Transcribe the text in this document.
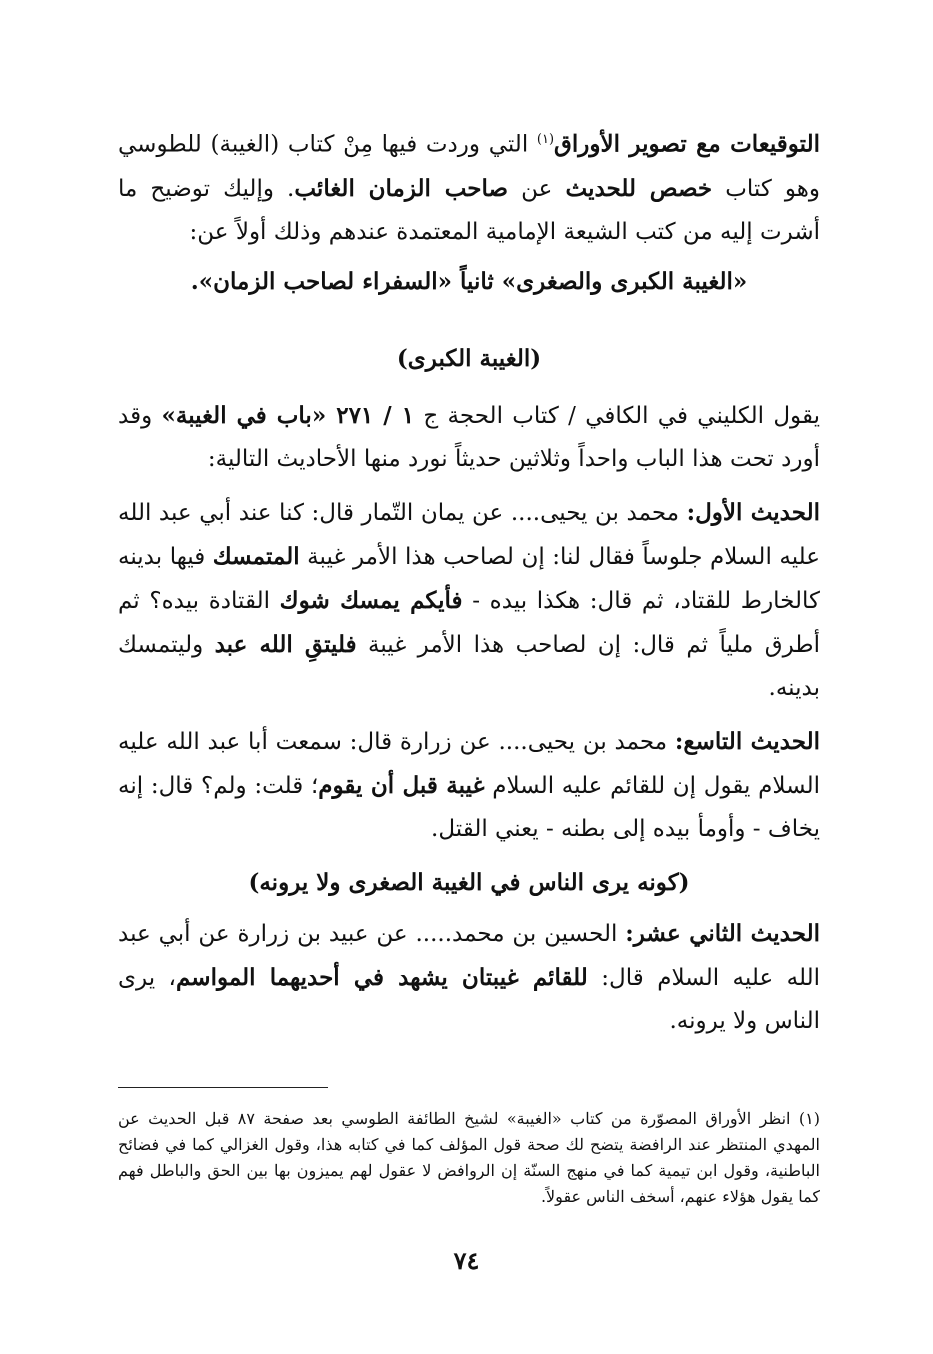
التوقيعات مع تصوير الأوراق$^{(١)}$ التي وردت فيها مِنْ كتاب (الغيبة) للطوسي وهو كتاب خصص للحديث عن صاحب الزمان الغائب. وإليك توضيح ما أشرت إليه من كتب الشيعة الإمامية المعتمدة عندهم وذلك أولاً عن:

«الغيبة الكبرى والصغرى» ثانياً «السفراء لصاحب الزمان».

(الغيبة الكبرى)

يقول الكليني في الكافي / كتاب الحجة ج ١ / ٢٧١ «باب في الغيبة» وقد أورد تحت هذا الباب واحداً وثلاثين حديثاً نورد منها الأحاديث التالية:

الحديث الأول: محمد بن يحيى.... عن يمان التّمار قال: كنا عند أبي عبد الله عليه السلام جلوساً فقال لنا: إن لصاحب هذا الأمر غيبة المتمسك فيها بدينه كالخارط للقتاد، ثم قال: هكذا بيده - فأيكم يمسك شوك القتادة بيده؟ ثم أطرق ملياً ثم قال: إن لصاحب هذا الأمر غيبة فليتقِ الله عبد وليتمسك بدينه.

الحديث التاسع: محمد بن يحيى.... عن زرارة قال: سمعت أبا عبد الله عليه السلام يقول إن للقائم عليه السلام غيبة قبل أن يقوم؛ قلت: ولم؟ قال: إنه يخاف - وأومأ بيده إلى بطنه - يعني القتل.

(كونه يرى الناس في الغيبة الصغرى ولا يرونه)

الحديث الثاني عشر: الحسين بن محمد..... عن عبيد بن زرارة عن أبي عبد الله عليه السلام قال: للقائم غيبتان يشهد في أحديهما المواسم، يرى الناس ولا يرونه.

(١) انظر الأوراق المصوّرة من كتاب «الغيبة» لشيخ الطائفة الطوسي بعد صفحة ٨٧ قبل الحديث عن المهدي المنتظر عند الرافضة يتضح لك صحة قول المؤلف كما في كتابه هذا، وقول الغزالي كما في فضائح الباطنية، وقول ابن تيمية كما في منهج السنّة إن الروافض لا عقول لهم يميزون بها بين الحق والباطل فهم كما يقول هؤلاء عنهم، أسخف الناس عقولاً.

٧٤
